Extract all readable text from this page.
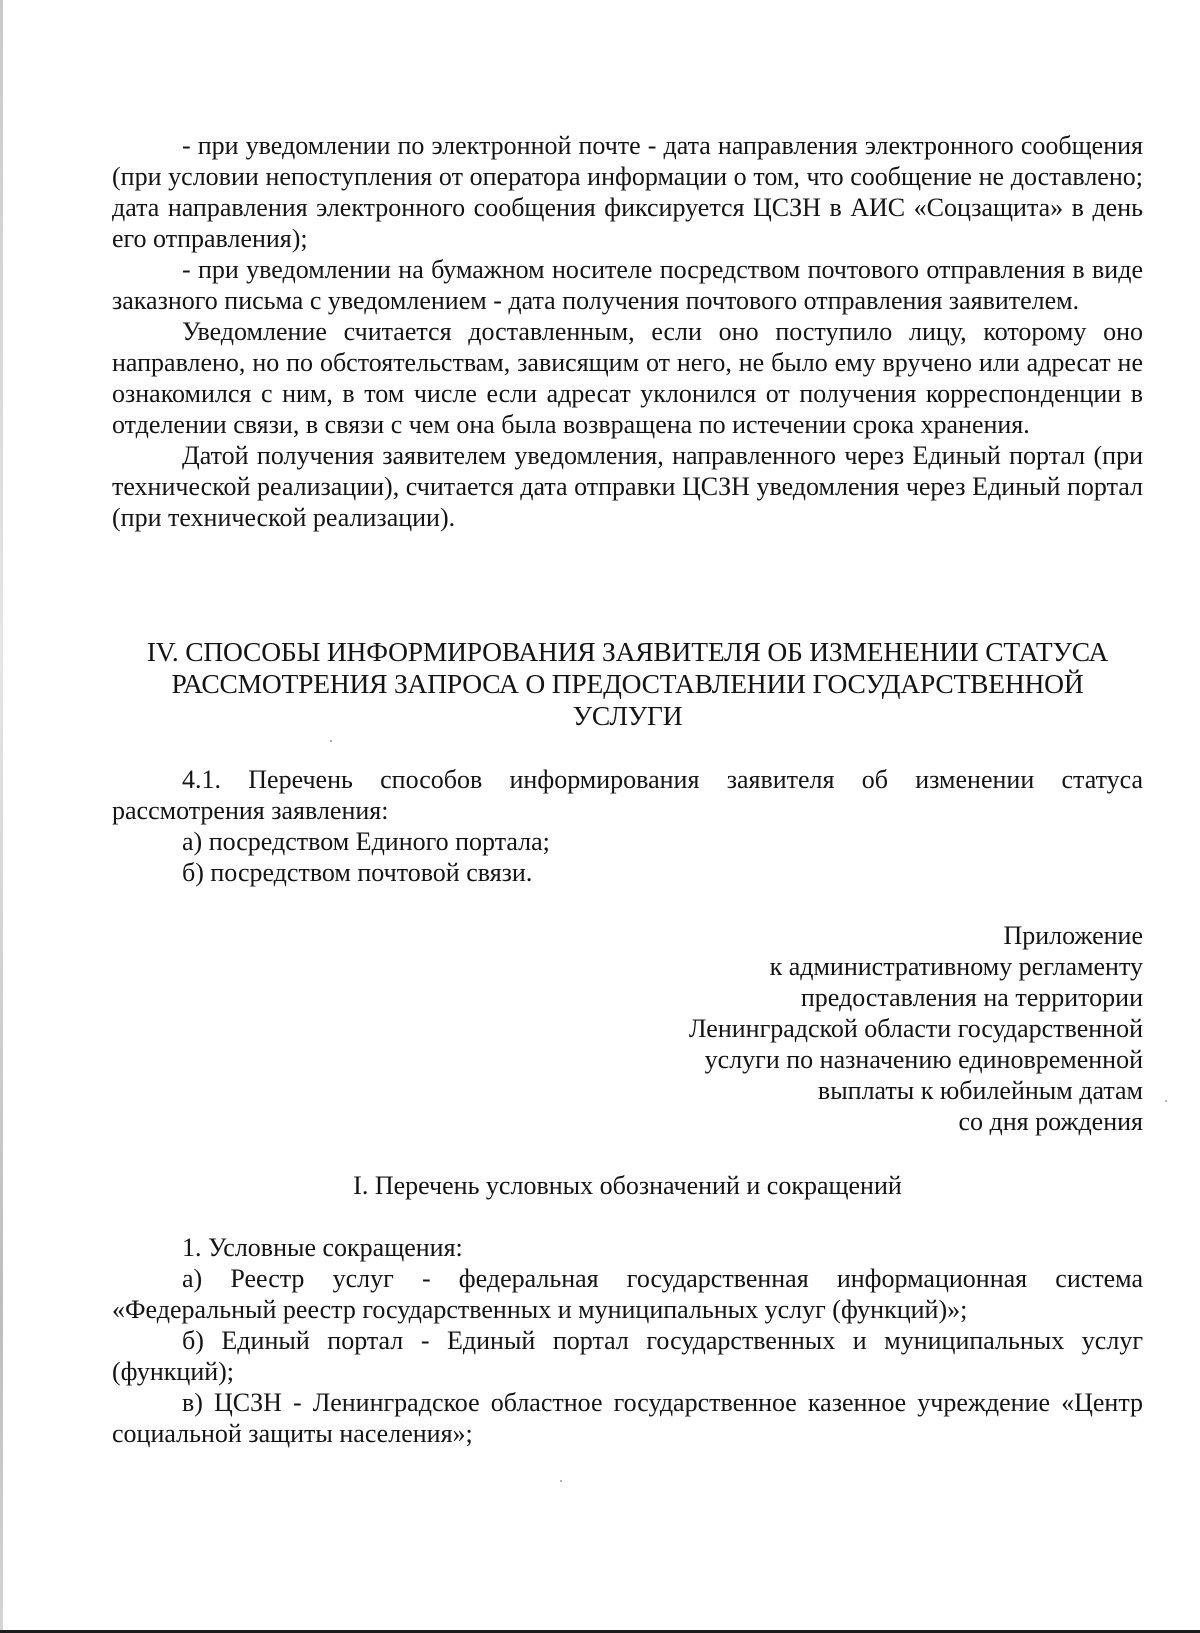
- при уведомлении по электронной почте - дата направления электронного сообщения (при условии непоступления от оператора информации о том, что сообщение не доставлено; дата направления электронного сообщения фиксируется ЦСЗН в АИС «Соцзащита» в день его отправления);

- при уведомлении на бумажном носителе посредством почтового отправления в виде заказного письма с уведомлением - дата получения почтового отправления заявителем.

Уведомление считается доставленным, если оно поступило лицу, которому оно направлено, но по обстоятельствам, зависящим от него, не было ему вручено или адресат не ознакомился с ним, в том числе если адресат уклонился от получения корреспонденции в отделении связи, в связи с чем она была возвращена по истечении срока хранения.

Датой получения заявителем уведомления, направленного через Единый портал (при технической реализации), считается дата отправки ЦСЗН уведомления через Единый портал (при технической реализации).

IV. СПОСОБЫ ИНФОРМИРОВАНИЯ ЗАЯВИТЕЛЯ ОБ ИЗМЕНЕНИИ СТАТУСА
РАССМОТРЕНИЯ ЗАПРОСА О ПРЕДОСТАВЛЕНИИ ГОСУДАРСТВЕННОЙ
УСЛУГИ

4.1. Перечень способов информирования заявителя об изменении статуса рассмотрения заявления:

а) посредством Единого портала;

б) посредством почтовой связи.

Приложение
к административному регламенту
предоставления на территории
Ленинградской области государственной
услуги по назначению единовременной
выплаты к юбилейным датам
со дня рождения
I. Перечень условных обозначений и сокращений

1. Условные сокращения:

а) Реестр услуг - федеральная государственная информационная система «Федеральный реестр государственных и муниципальных услуг (функций)»;

б) Единый портал - Единый портал государственных и муниципальных услуг (функций);

в) ЦСЗН - Ленинградское областное государственное казенное учреждение «Центр социальной защиты населения»;
